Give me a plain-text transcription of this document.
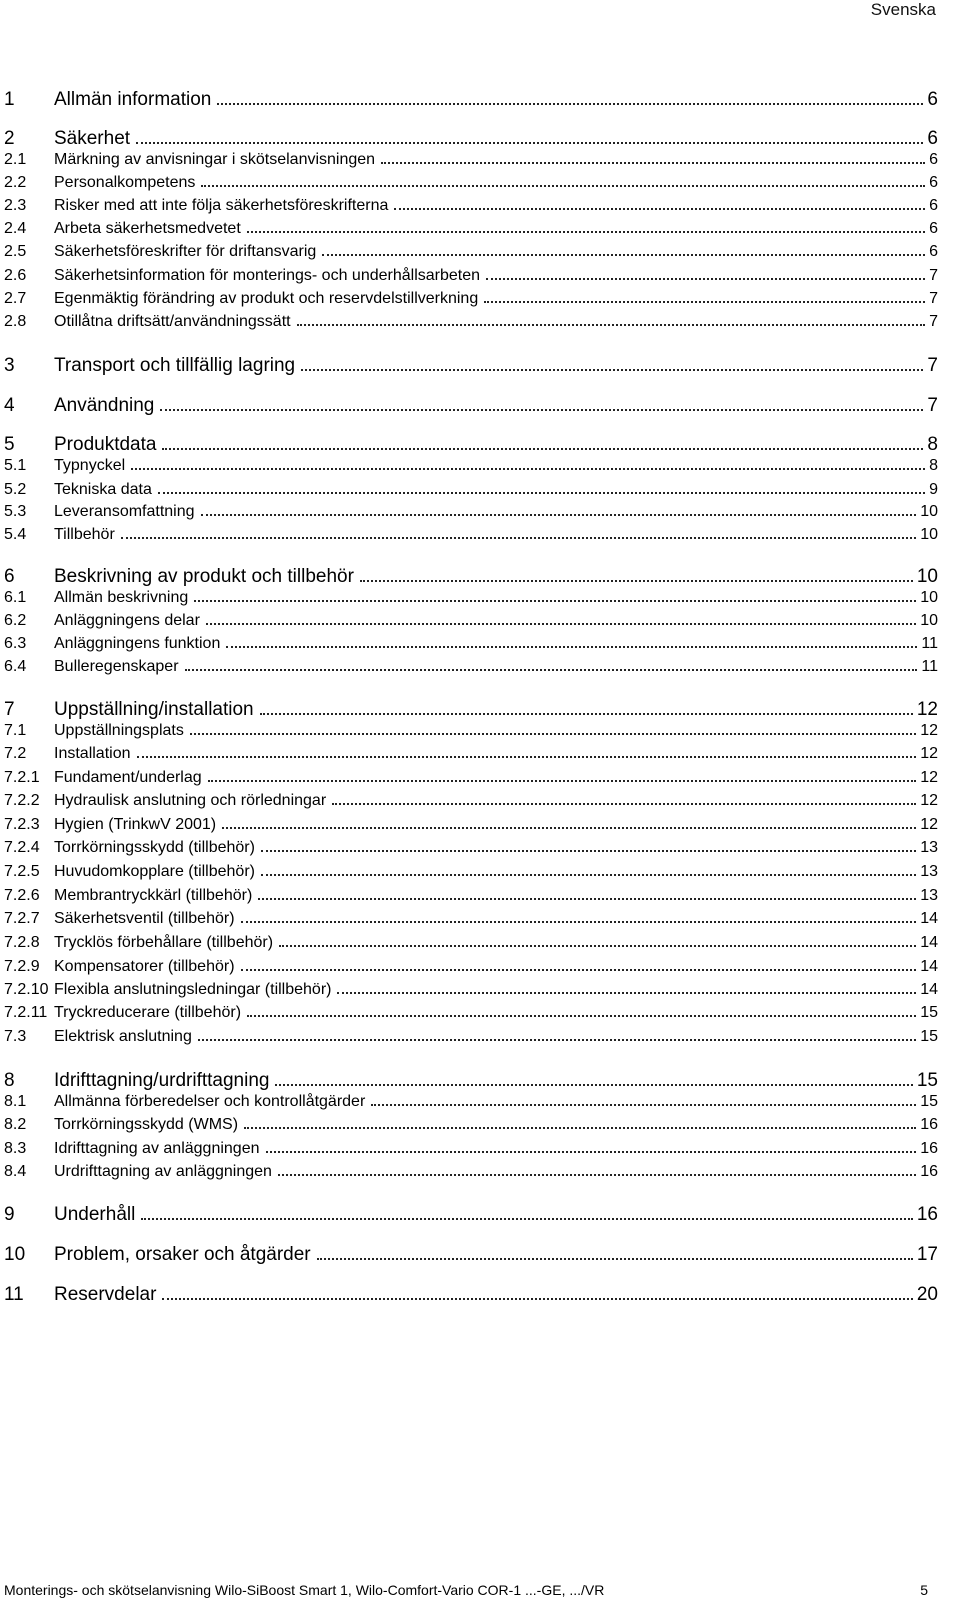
Svenska
1	Allmän information	6
2	Säkerhet	6
2.1	Märkning av anvisningar i skötselanvisningen	6
2.2	Personalkompetens	6
2.3	Risker med att inte följa säkerhetsföreskrifterna	6
2.4	Arbeta säkerhetsmedvetet	6
2.5	Säkerhetsföreskrifter för driftansvarig	6
2.6	Säkerhetsinformation för monterings- och underhållsarbeten	7
2.7	Egenmäktig förändring av produkt och reservdelstillverkning	7
2.8	Otillåtna driftsätt/användningssätt	7
3	Transport och tillfällig lagring	7
4	Användning	7
5	Produktdata	8
5.1	Typnyckel	8
5.2	Tekniska data	9
5.3	Leveransomfattning	10
5.4	Tillbehör	10
6	Beskrivning av produkt och tillbehör	10
6.1	Allmän beskrivning	10
6.2	Anläggningens delar	10
6.3	Anläggningens funktion	11
6.4	Bulleregenskaper	11
7	Uppställning/installation	12
7.1	Uppställningsplats	12
7.2	Installation	12
7.2.1 Fundament/underlag	12
7.2.2 Hydraulisk anslutning och rörledningar	12
7.2.3 Hygien (TrinkwV 2001)	12
7.2.4 Torrkörningsskydd (tillbehör)	13
7.2.5 Huvudomkopplare (tillbehör)	13
7.2.6 Membrantryckkärl (tillbehör)	13
7.2.7 Säkerhetsventil (tillbehör)	14
7.2.8 Trycklös förbehållare (tillbehör)	14
7.2.9 Kompensatorer (tillbehör)	14
7.2.10 Flexibla anslutningsledningar (tillbehör)	14
7.2.11 Tryckreducerare (tillbehör)	15
7.3	Elektrisk anslutning	15
8	Idrifttagning/urdrifttagning	15
8.1	Allmänna förberedelser och kontrollåtgärder	15
8.2	Torrkörningsskydd (WMS)	16
8.3	Idrifttagning av anläggningen	16
8.4	Urdrifttagning av anläggningen	16
9	Underhåll	16
10	Problem, orsaker och åtgärder	17
11	Reservdelar	20
Monterings- och skötselanvisning Wilo-SiBoost Smart 1, Wilo-Comfort-Vario COR-1 ...-GE, .../VR	5
